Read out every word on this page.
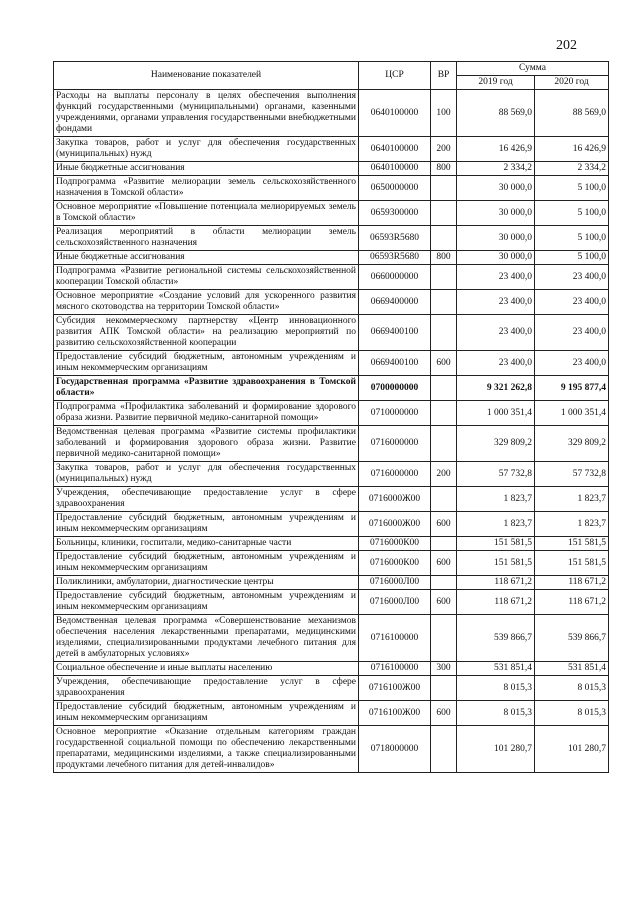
202
Наименование показателей	ЦСР	ВР	Сумма	
			2019 год	2020 год
Расходы на выплаты персоналу в целях обеспечения выполнения функций государственными (муниципальными) органами, казенными учреждениями, органами управления государственными внебюджетными фондами	0640100000	100	88 569,0	88 569,0
Закупка товаров, работ и услуг для обеспечения государственных (муниципальных) нужд	0640100000	200	16 426,9	16 426,9
Иные бюджетные ассигнования	0640100000	800	2 334,2	2 334,2
Подпрограмма «Развитие мелиорации земель сельскохозяйственного назначения в Томской области»	0650000000		30 000,0	5 100,0
Основное мероприятие «Повышение потенциала мелиорируемых земель в Томской области»	0659300000		30 000,0	5 100,0
Реализация мероприятий в области мелиорации земель сельскохозяйственного назначения	06593R5680		30 000,0	5 100,0
Иные бюджетные ассигнования	06593R5680	800	30 000,0	5 100,0
Подпрограмма «Развитие региональной системы сельскохозяйственной кооперации Томской области»	0660000000		23 400,0	23 400,0
Основное мероприятие «Создание условий для ускоренного развития мясного скотоводства на территории Томской области»	0669400000		23 400,0	23 400,0
Субсидия некоммерческому партнерству «Центр инновационного развития АПК Томской области» на реализацию мероприятий по развитию сельскохозяйственной кооперации	0669400100		23 400,0	23 400,0
Предоставление субсидий бюджетным, автономным учреждениям и иным некоммерческим организациям	0669400100	600	23 400,0	23 400,0
Государственная программа «Развитие здравоохранения в Томской области»	0700000000		9 321 262,8	9 195 877,4
Подпрограмма «Профилактика заболеваний и формирование здорового образа жизни. Развитие первичной медико-санитарной помощи»	0710000000		1 000 351,4	1 000 351,4
Ведомственная целевая программа «Развитие системы профилактики заболеваний и формирования здорового образа жизни. Развитие первичной медико-санитарной помощи»	0716000000		329 809,2	329 809,2
Закупка товаров, работ и услуг для обеспечения государственных (муниципальных) нужд	0716000000	200	57 732,8	57 732,8
Учреждения, обеспечивающие предоставление услуг в сфере здравоохранения	0716000Ж00		1 823,7	1 823,7
Предоставление субсидий бюджетным, автономным учреждениям и иным некоммерческим организациям	0716000Ж00	600	1 823,7	1 823,7
Больницы, клиники, госпитали, медико-санитарные части	0716000К00		151 581,5	151 581,5
Предоставление субсидий бюджетным, автономным учреждениям и иным некоммерческим организациям	0716000К00	600	151 581,5	151 581,5
Поликлиники, амбулатории, диагностические центры	0716000Л00		118 671,2	118 671,2
Предоставление субсидий бюджетным, автономным учреждениям и иным некоммерческим организациям	0716000Л00	600	118 671,2	118 671,2
Ведомственная целевая программа «Совершенствование механизмов обеспечения населения лекарственными препаратами, медицинскими изделиями, специализированными продуктами лечебного питания для детей в амбулаторных условиях»	0716100000		539 866,7	539 866,7
Социальное обеспечение и иные выплаты населению	0716100000	300	531 851,4	531 851,4
Учреждения, обеспечивающие предоставление услуг в сфере здравоохранения	0716100Ж00		8 015,3	8 015,3
Предоставление субсидий бюджетным, автономным учреждениям и иным некоммерческим организациям	0716100Ж00	600	8 015,3	8 015,3
Основное мероприятие «Оказание отдельным категориям граждан государственной социальной помощи по обеспечению лекарственными препаратами, медицинскими изделиями, а также специализированными продуктами лечебного питания для детей-инвалидов»	0718000000		101 280,7	101 280,7
